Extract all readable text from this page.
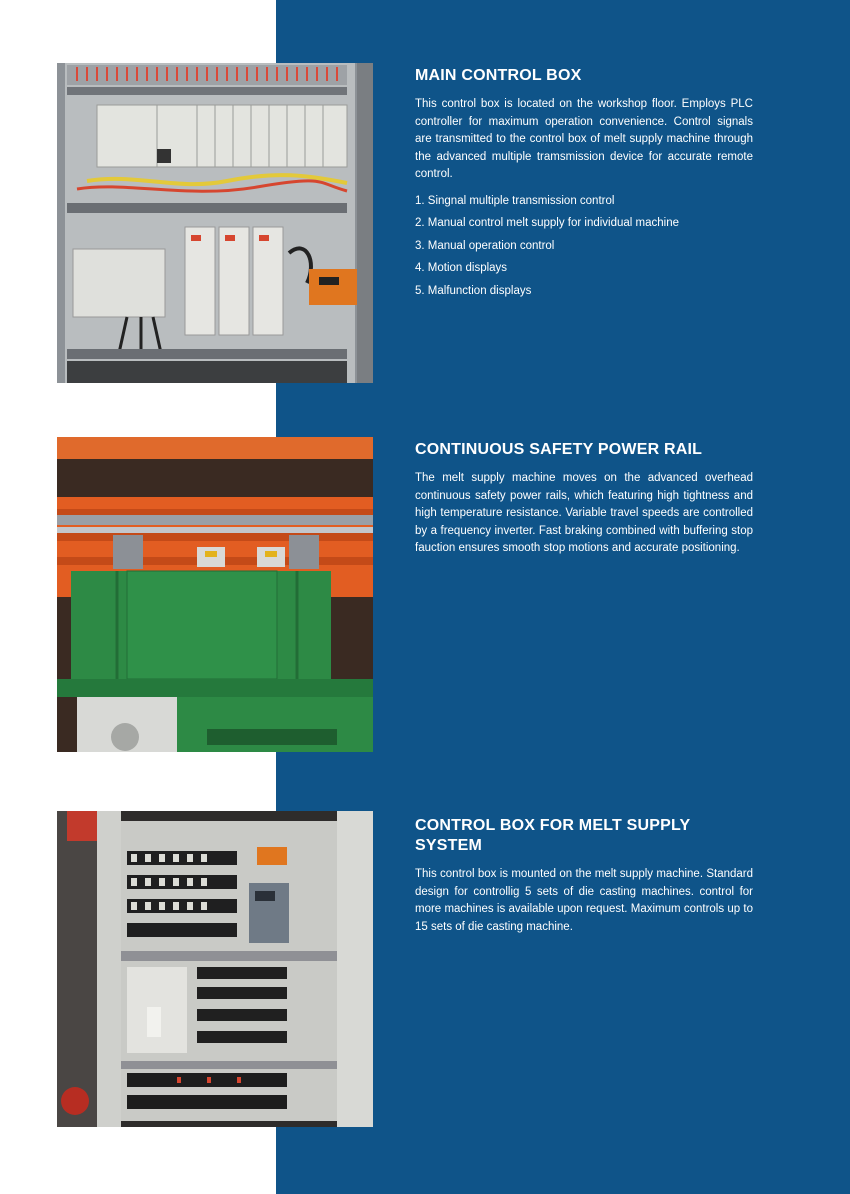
MAIN CONTROL BOX

This control box is located on the workshop floor. Employs PLC controller for maximum operation convenience. Control signals are transmitted to the control box of melt supply machine through the advanced multiple tramsmission device for accurate remote control.

1. Singnal multiple transmission control
2. Manual control melt supply for individual machine
3. Manual operation control
4. Motion displays
5. Malfunction displays
CONTINUOUS SAFETY POWER RAIL

The melt supply machine moves on the advanced overhead continuous safety power rails, which featuring high tightness and high temperature resistance. Variable travel speeds are controlled by a frequency inverter. Fast braking combined with buffering stop fauction ensures smooth stop motions and accurate positioning.

CONTROL BOX FOR MELT SUPPLY
SYSTEM

This control box is mounted on the melt supply machine. Standard design for controllig 5 sets of die casting machines. control for more machines is available upon request. Maximum controls up to 15 sets of die casting machine.
